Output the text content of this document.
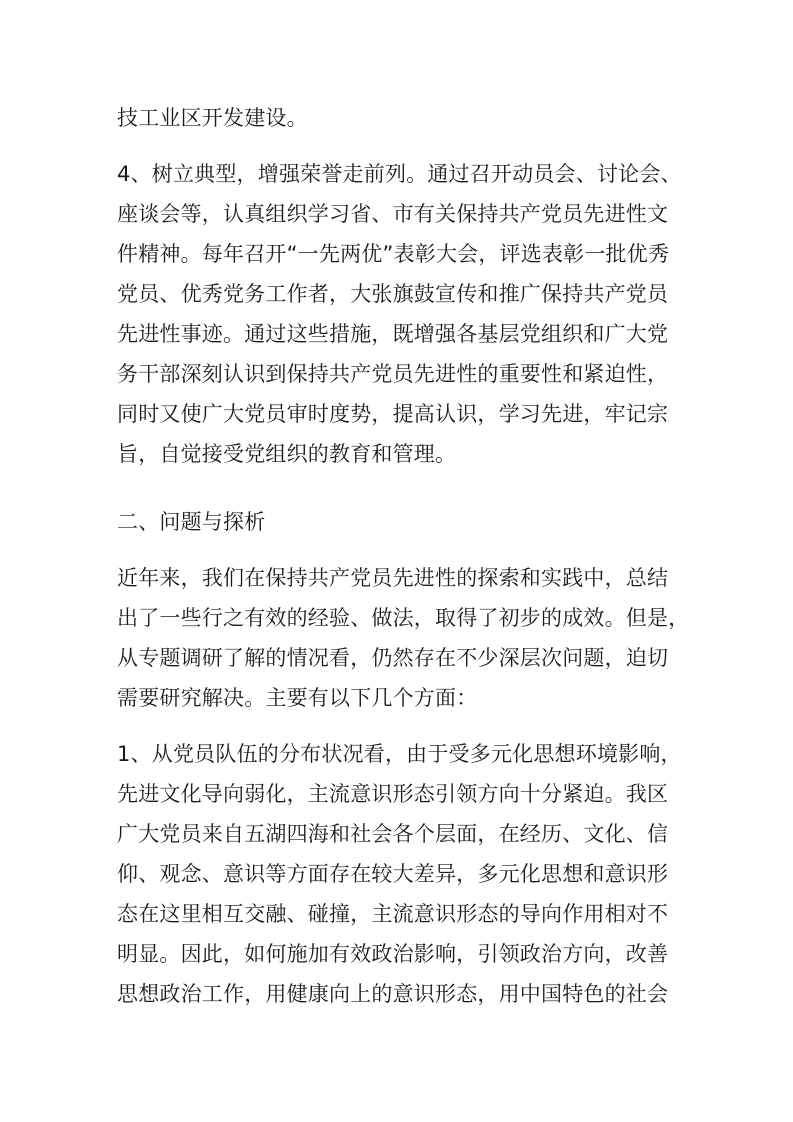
技工业区开发建设。
4、树立典型，增强荣誉走前列。通过召开动员会、讨论会、
座谈会等，认真组织学习省、市有关保持共产党员先进性文
件精神。每年召开“一先两优”表彰大会，评选表彰一批优秀
党员、优秀党务工作者，大张旗鼓宣传和推广保持共产党员
先进性事迹。通过这些措施，既增强各基层党组织和广大党
务干部深刻认识到保持共产党员先进性的重要性和紧迫性，
同时又使广大党员审时度势，提高认识，学习先进，牢记宗
旨，自觉接受党组织的教育和管理。
二、问题与探析
近年来，我们在保持共产党员先进性的探索和实践中，总结
出了一些行之有效的经验、做法，取得了初步的成效。但是，
从专题调研了解的情况看，仍然存在不少深层次问题，迫切
需要研究解决。主要有以下几个方面：
1、从党员队伍的分布状况看，由于受多元化思想环境影响，
先进文化导向弱化，主流意识形态引领方向十分紧迫。我区
广大党员来自五湖四海和社会各个层面，在经历、文化、信
仰、观念、意识等方面存在较大差异，多元化思想和意识形
态在这里相互交融、碰撞，主流意识形态的导向作用相对不
明显。因此，如何施加有效政治影响，引领政治方向，改善
思想政治工作，用健康向上的意识形态，用中国特色的社会
